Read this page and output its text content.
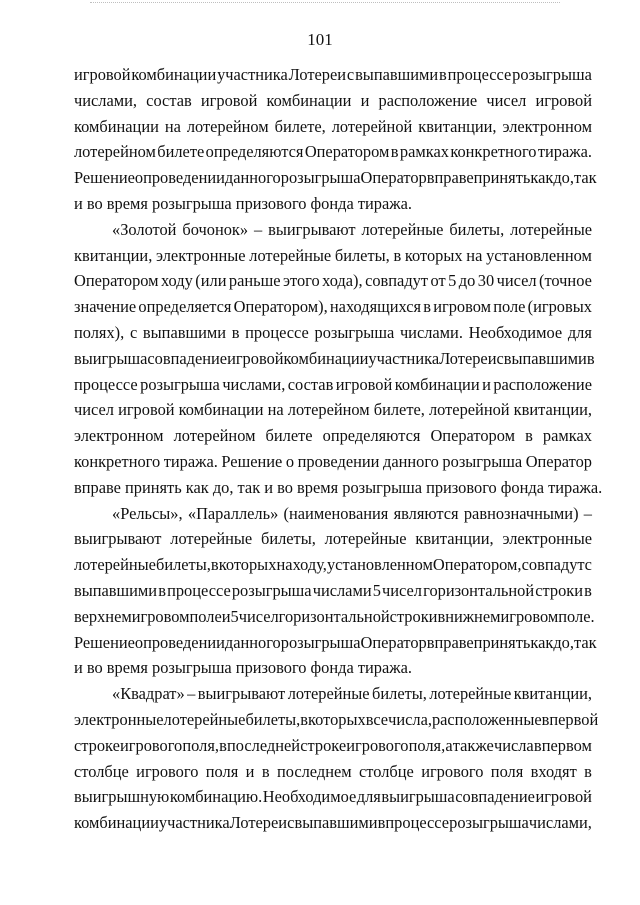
101
игровой комбинации участника Лотереи с выпавшими в процессе розыгрыша
числами, состав игровой комбинации и расположение чисел игровой
комбинации на лотерейном билете, лотерейной квитанции, электронном
лотерейном билете определяются Оператором в рамках конкретного тиража.
Решение о проведении данного розыгрыша Оператор вправе принять как до, так
и во время розыгрыша призового фонда тиража.
«Золотой бочонок» – выигрывают лотерейные билеты, лотерейные
квитанции, электронные лотерейные билеты, в которых на установленном
Оператором ходу (или раньше этого хода), совпадут от 5 до 30 чисел (точное
значение определяется Оператором), находящихся в игровом поле (игровых
полях), с выпавшими в процессе розыгрыша числами. Необходимое для
выигрыша совпадение игровой комбинации участника Лотереи с выпавшими в
процессе розыгрыша числами, состав игровой комбинации и расположение
чисел игровой комбинации на лотерейном билете, лотерейной квитанции,
электронном лотерейном билете определяются Оператором в рамках
конкретного тиража. Решение о проведении данного розыгрыша Оператор
вправе принять как до, так и во время розыгрыша призового фонда тиража.
«Рельсы», «Параллель» (наименования являются равнозначными) –
выигрывают лотерейные билеты, лотерейные квитанции, электронные
лотерейные билеты, в которых на ходу, установленном Оператором, совпадут с
выпавшими в процессе розыгрыша числами 5 чисел горизонтальной строки в
верхнем игровом поле и 5 чисел горизонтальной строки в нижнем игровом поле.
Решение о проведении данного розыгрыша Оператор вправе принять как до, так
и во время розыгрыша призового фонда тиража.
«Квадрат» – выигрывают лотерейные билеты, лотерейные квитанции,
электронные лотерейные билеты, в которых все числа, расположенные в первой
строке игрового поля, в последней строке игрового поля, а также числа в первом
столбце игрового поля и в последнем столбце игрового поля входят в
выигрышную комбинацию. Необходимое для выигрыша совпадение игровой
комбинации участника Лотереи с выпавшими в процессе розыгрыша числами,
